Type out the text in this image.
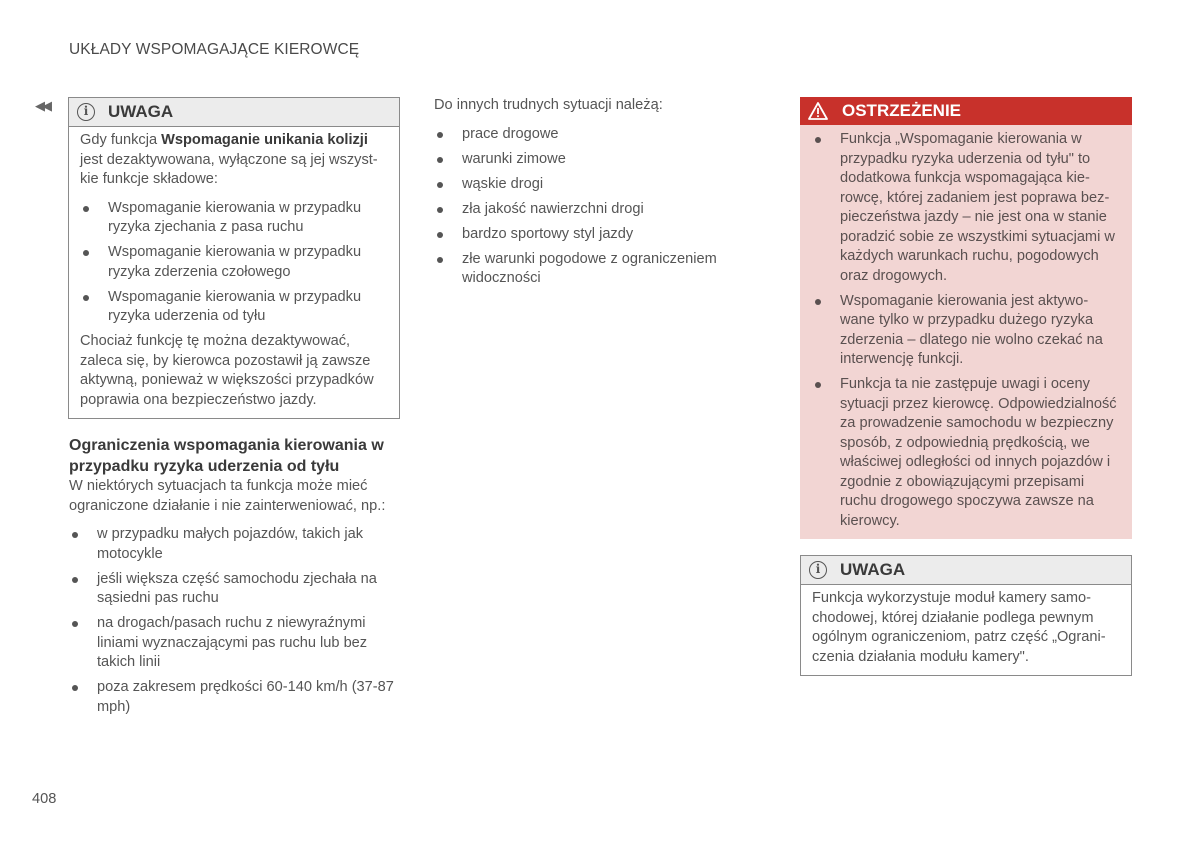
UKŁADY WSPOMAGAJĄCE KIEROWCĘ
◀◀	i	UWAGA

Gdy funkcja Wspomaganie unikania kolizji jest dezaktywowana, wyłączone są jej wszyst-kie funkcje składowe:

Wspomaganie kierowania w przypadku ryzyka zjechania z pasa ruchu
Wspomaganie kierowania w przypadku ryzyka zderzenia czołowego
Wspomaganie kierowania w przypadku ryzyka uderzenia od tyłu

Chociaż funkcję tę można dezaktywować, zaleca się, by kierowca pozostawił ją zawsze aktywną, ponieważ w większości przypadków poprawia ona bezpieczeństwo jazdy.

Ograniczenia wspomagania kierowania w przypadku ryzyka uderzenia od tyłu

W niektórych sytuacjach ta funkcja może mieć ograniczone działanie i nie zainterweniować, np.:

w przypadku małych pojazdów, takich jak motocykle
jeśli większa część samochodu zjechała na sąsiedni pas ruchu
na drogach/pasach ruchu z niewyraźnymi liniami wyznaczającymi pas ruchu lub bez takich linii
poza zakresem prędkości 60-140 km/h (37-87 mph)

Do innych trudnych sytuacji należą:

prace drogowe
warunki zimowe
wąskie drogi
zła jakość nawierzchni drogi
bardzo sportowy styl jazdy
złe warunki pogodowe z ograniczeniem widoczności
OSTRZEŻENIE
Funkcja „Wspomaganie kierowania w przypadku ryzyka uderzenia od tyłu" to dodatkowa funkcja wspomagająca kie-rowcę, której zadaniem jest poprawa bez-pieczeństwa jazdy – nie jest ona w stanie poradzić sobie ze wszystkimi sytuacjami w każdych warunkach ruchu, pogodowych oraz drogowych.
Wspomaganie kierowania jest aktywo-wane tylko w przypadku dużego ryzyka zderzenia – dlatego nie wolno czekać na interwencję funkcji.
Funkcja ta nie zastępuje uwagi i oceny sytuacji przez kierowcę. Odpowiedzialność za prowadzenie samochodu w bezpieczny sposób, z odpowiednią prędkością, we właściwej odległości od innych pojazdów i zgodnie z obowiązującymi przepisami ruchu drogowego spoczywa zawsze na kierowcy.
i	UWAGA

Funkcja wykorzystuje moduł kamery samo-chodowej, której działanie podlega pewnym ogólnym ograniczeniom, patrz część „Ograni-czenia działania modułu kamery".

408
